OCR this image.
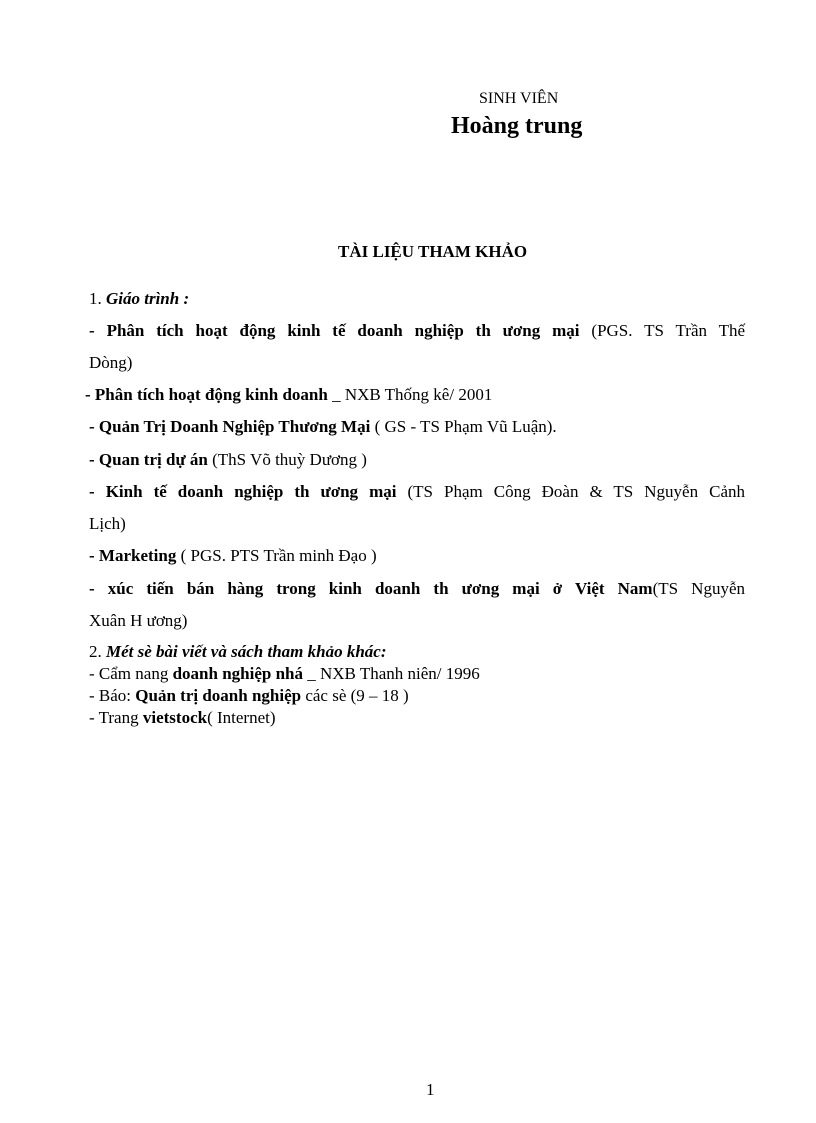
SINH VIÊN
Hoàng trung
TÀI LIỆU THAM KHẢO
1. Giáo trình :
- Phân tích hoạt động kinh tế doanh nghiệp th ương mại (PGS. TS Trần Thế
Dòng)
- Phân tích hoạt động kinh doanh _ NXB Thống kê/ 2001
- Quản Trị Doanh Nghiệp Thương Mại ( GS - TS Phạm Vũ Luận).
- Quan trị dự án (ThS Võ thuỳ Dương )
- Kinh tế doanh nghiệp th ương mại (TS Phạm Công Đoàn & TS Nguyễn Cảnh
Lịch)
- Marketing ( PGS. PTS Trần minh Đạo )
- xúc tiến bán hàng trong kinh doanh th ương mại ở Việt Nam(TS Nguyễn
Xuân H ương)
2. Mét sè bài viết và sách tham khảo khác:
- Cẩm nang doanh nghiệp nhá _ NXB Thanh niên/ 1996
- Báo: Quản trị doanh nghiệp các sè (9 – 18 )
- Trang vietstock( Internet)
1
